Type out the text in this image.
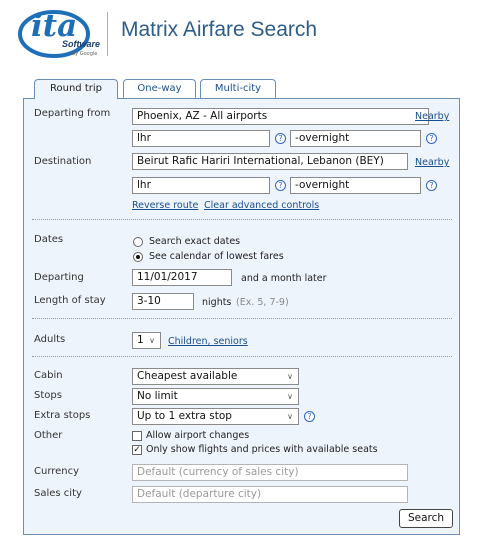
ita
Software
by Google
Matrix Airfare Search
Round trip	One-way	Multi-city
Departing from	Phoenix, AZ - All airports	Nearby
lhr	?	-overnight	?
Destination	Beirut Rafic Hariri International, Lebanon (BEY)	Nearby
lhr	?	-overnight	?
Reverse route Clear advanced controls
Dates	Search exact dates
See calendar of lowest fares
Departing	11/01/2017	and a month later
Length of stay	3-10	nights (Ex. 5, 7-9)
Adults	1 ∨ Children, seniors
Cabin	Cheapest available	∨
Stops	No limit	∨
Extra stops	Up to 1 extra stop	∨	?
Other	Allow airport changes
✓ Only show flights and prices with available seats
Currency	Default (currency of sales city)
Sales city	Default (departure city)
Search
